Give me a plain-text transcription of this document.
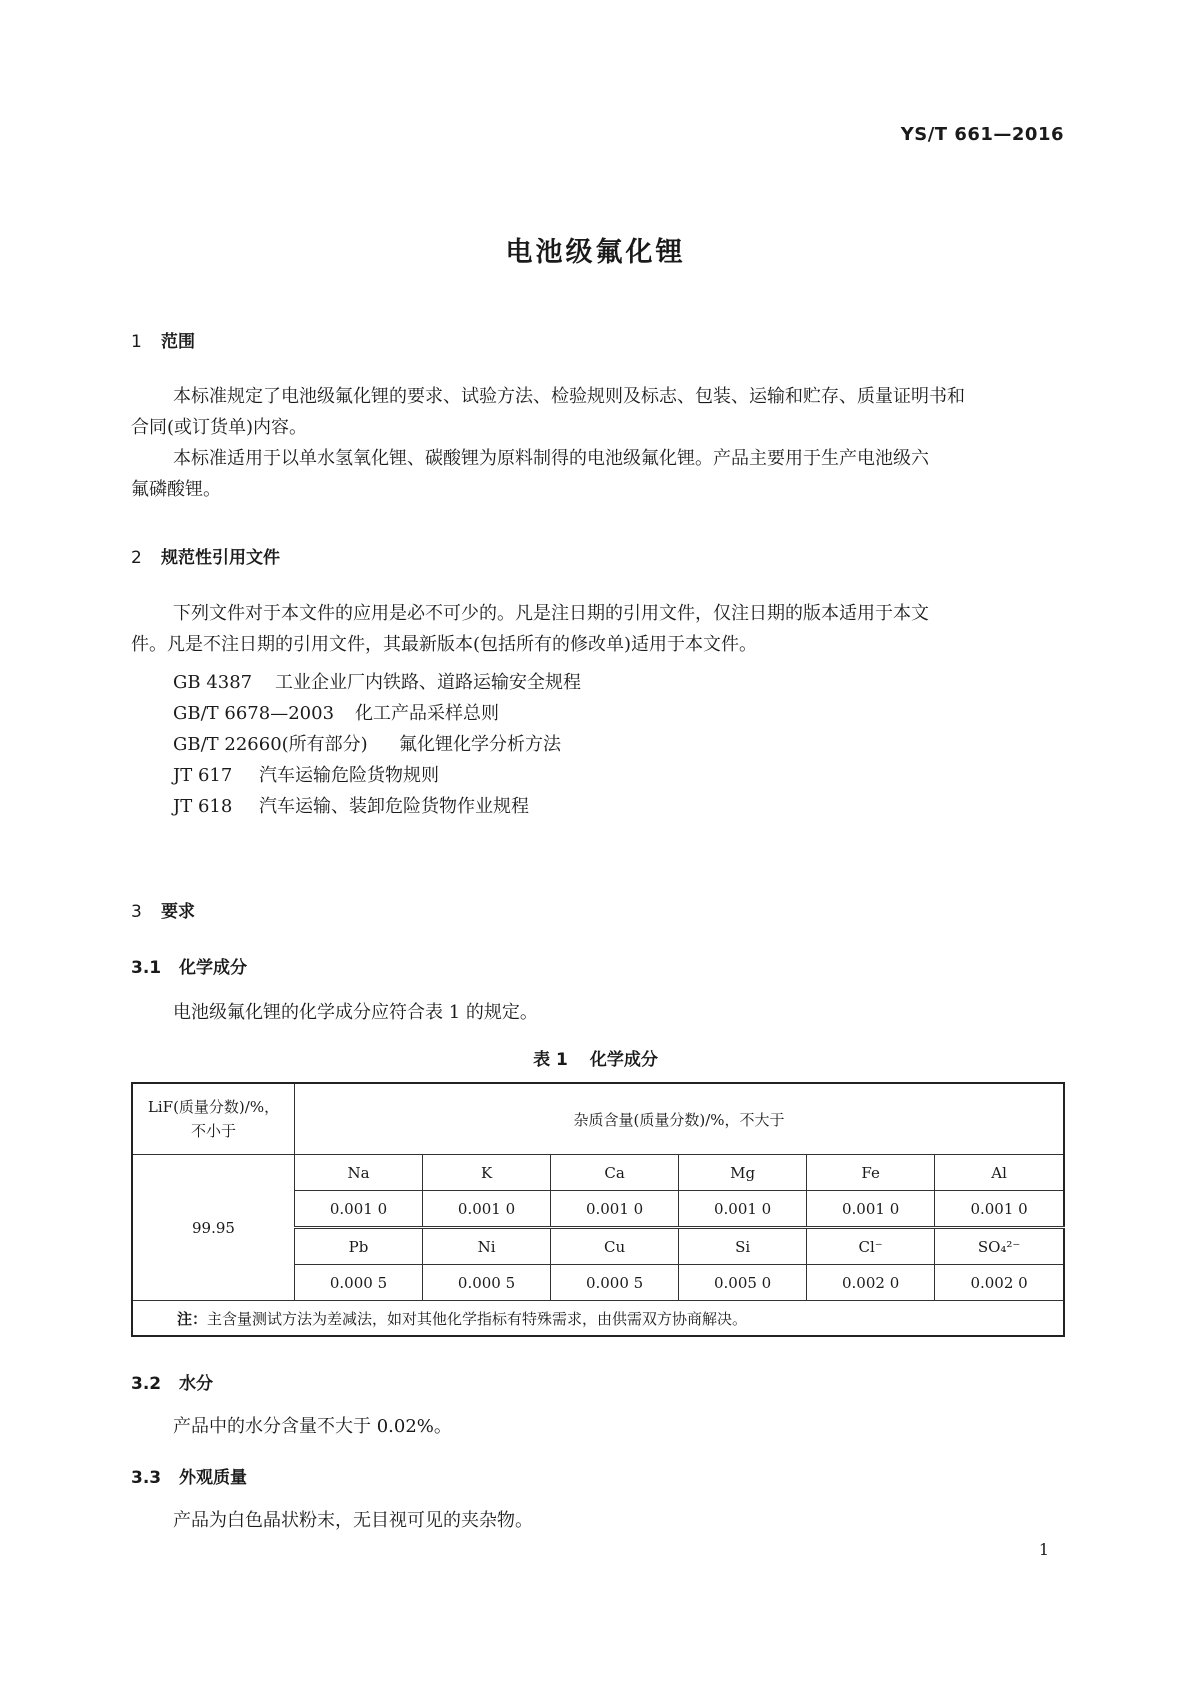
YS/T 661—2016
电池级氟化锂
1 范围
本标准规定了电池级氟化锂的要求、试验方法、检验规则及标志、包装、运输和贮存、质量证明书和
合同(或订货单)内容。
本标准适用于以单水氢氧化锂、碳酸锂为原料制得的电池级氟化锂。产品主要用于生产电池级六
氟磷酸锂。
2 规范性引用文件
下列文件对于本文件的应用是必不可少的。凡是注日期的引用文件，仅注日期的版本适用于本文
件。凡是不注日期的引用文件，其最新版本(包括所有的修改单)适用于本文件。
GB 4387 工业企业厂内铁路、道路运输安全规程
GB/T 6678—2003 化工产品采样总则
GB/T 22660(所有部分) 氟化锂化学分析方法
JT 617 汽车运输危险货物规则
JT 618 汽车运输、装卸危险货物作业规程
3 要求
3.1 化学成分
电池级氟化锂的化学成分应符合表 1 的规定。
表 1 化学成分
LiF(质量分数)/%，
不小于	杂质含量(质量分数)/%，不大于					
99.95	Na	K	Ca	Mg	Fe	Al
	0.001 0	0.001 0	0.001 0	0.001 0	0.001 0	0.001 0
	Pb	Ni	Cu	Si	Cl⁻	SO₄²⁻
	0.000 5	0.000 5	0.000 5	0.005 0	0.002 0	0.002 0
注：主含量测试方法为差减法，如对其他化学指标有特殊需求，由供需双方协商解决。						
3.2 水分
产品中的水分含量不大于 0.02%。
3.3 外观质量
产品为白色晶状粉末，无目视可见的夹杂物。
1
